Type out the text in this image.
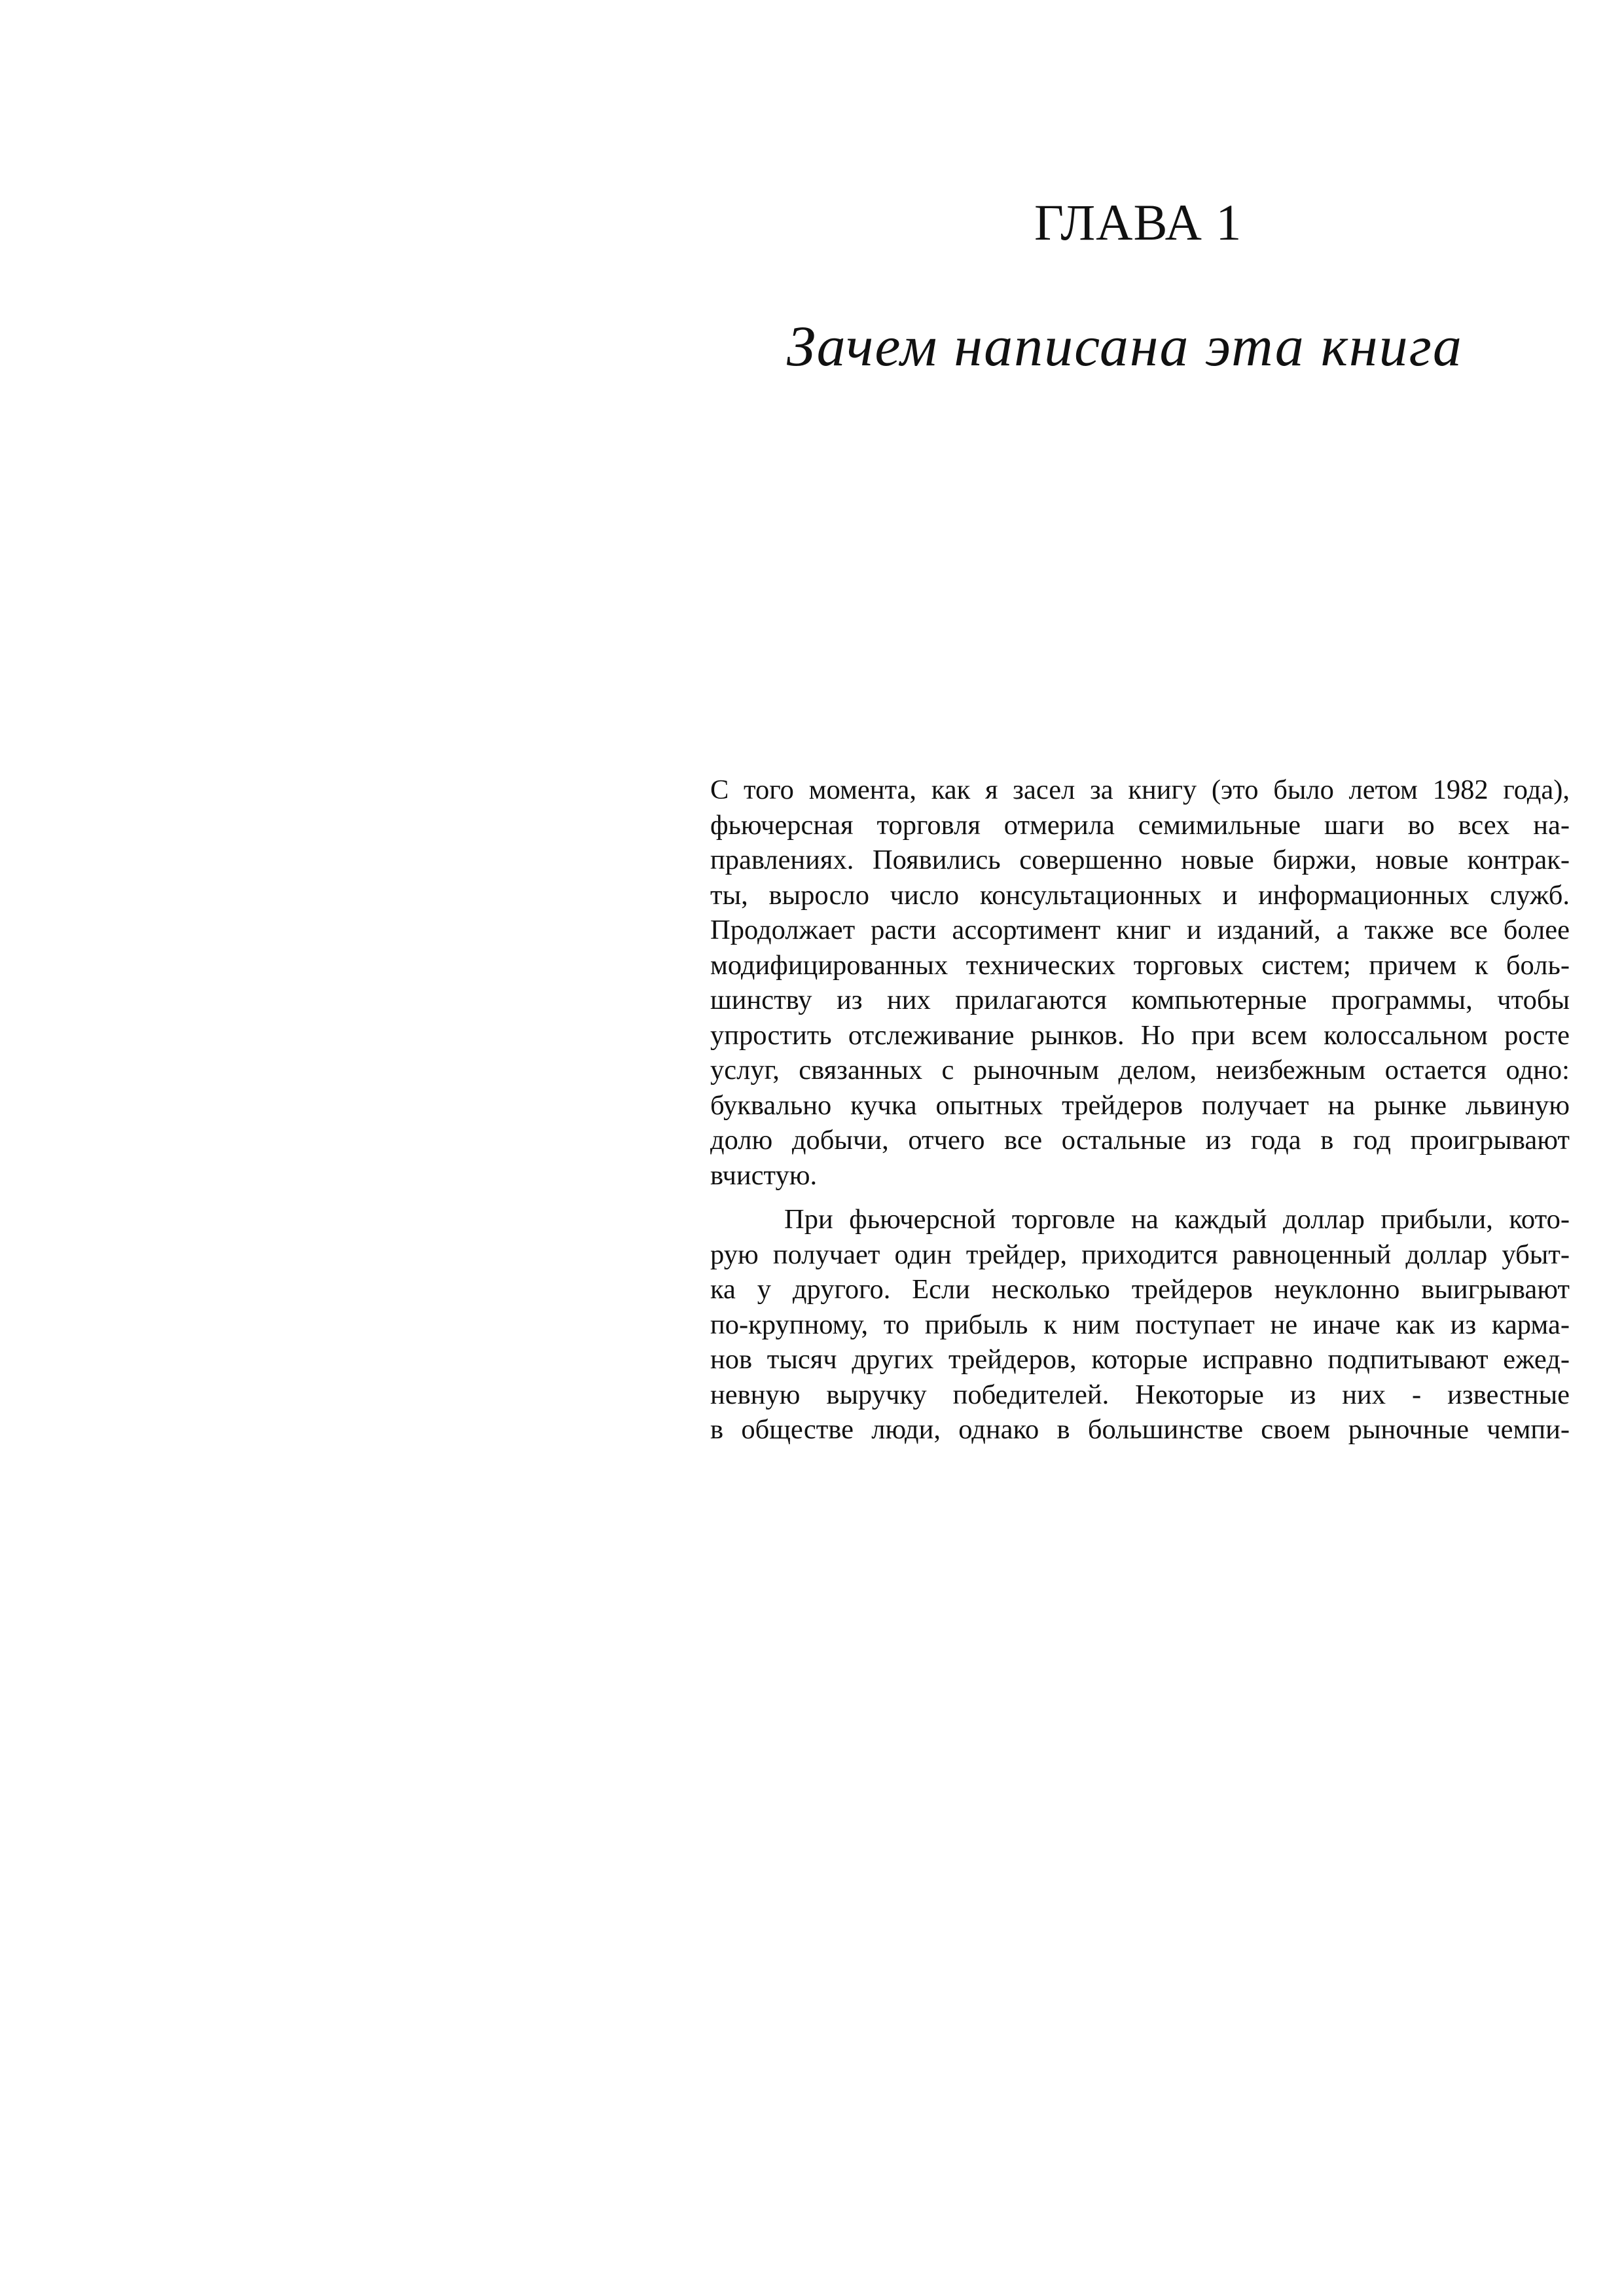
ГЛАВА 1
Зачем написана эта книга
С того момента, как я засел за книгу (это было летом 1982 года),
фьючерсная торговля отмерила семимильные шаги во всех на-
правлениях. Появились совершенно новые биржи, новые контрак-
ты, выросло число консультационных и информационных служб.
Продолжает расти ассортимент книг и изданий, а также все более
модифицированных технических торговых систем; причем к боль-
шинству из них прилагаются компьютерные программы, чтобы
упростить отслеживание рынков. Но при всем колоссальном росте
услуг, связанных с рыночным делом, неизбежным остается одно:
буквально кучка опытных трейдеров получает на рынке львиную
долю добычи, отчего все остальные из года в год проигрывают
вчистую.
При фьючерсной торговле на каждый доллар прибыли, кото-
рую получает один трейдер, приходится равноценный доллар убыт-
ка у другого. Если несколько трейдеров неуклонно выигрывают
по-крупному, то прибыль к ним поступает не иначе как из карма-
нов тысяч других трейдеров, которые исправно подпитывают ежед-
невную выручку победителей. Некоторые из них - известные
в обществе люди, однако в большинстве своем рыночные чемпи-
